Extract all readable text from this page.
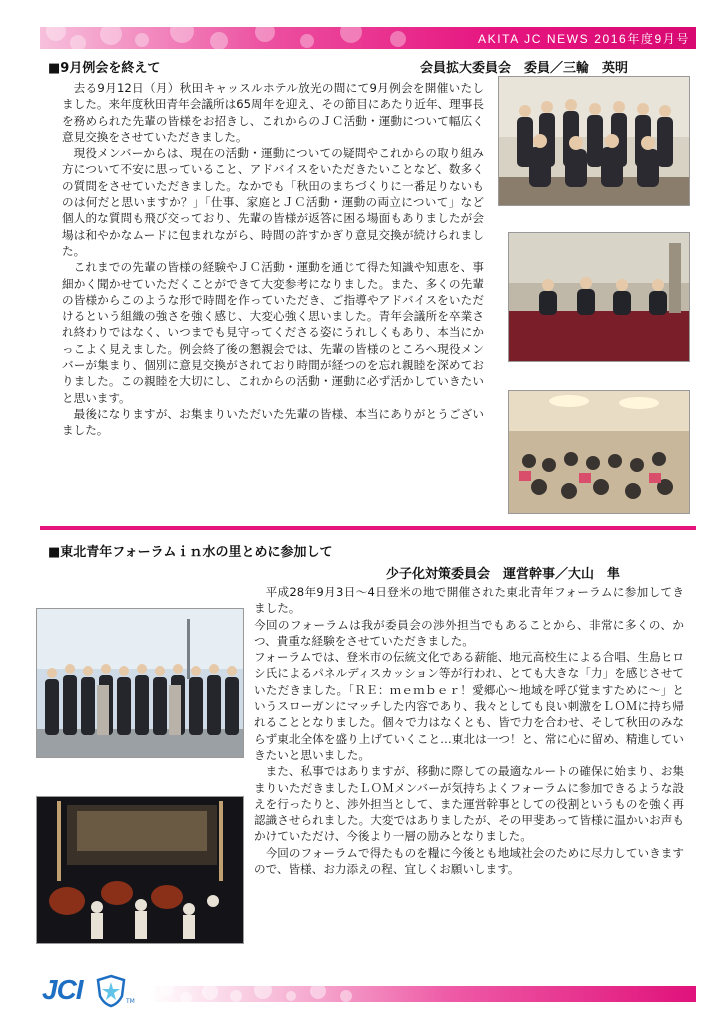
AKITA JC NEWS 2016年度9月号
■9月例会を終えて	会員拡大委員会　委員／三輪　英明

去る9月12日（月）秋田キャッスルホテル放光の間にて9月例会を開催いたしました。来年度秋田青年会議所は65周年を迎え、その節目にあたり近年、理事長を務められた先輩の皆様をお招きし、これからのＪＣ活動・運動について幅広く意見交換をさせていただきました。

現役メンバーからは、現在の活動・運動についての疑問やこれからの取り組み方について不安に思っていること、アドバイスをいただきたいことなど、数多くの質問をさせていただきました。なかでも「秋田のまちづくりに一番足りないものは何だと思いますか？」「仕事、家庭とＪＣ活動・運動の両立について」など個人的な質問も飛び交っており、先輩の皆様が返答に困る場面もありましたが会場は和やかなムードに包まれながら、時間の許すかぎり意見交換が続けられました。

これまでの先輩の皆様の経験やＪＣ活動・運動を通じて得た知識や知恵を、事細かく聞かせていただくことができて大変参考になりました。また、多くの先輩の皆様からこのような形で時間を作っていただき、ご指導やアドバイスをいただけるという組織の強さを強く感じ、大変心強く思いました。青年会議所を卒業され終わりではなく、いつまでも見守ってくださる姿にうれしくもあり、本当にかっこよく見えました。例会終了後の懇親会では、先輩の皆様のところへ現役メンバーが集まり、個別に意見交換がされており時間が経つのを忘れ親睦を深めておりました。この親睦を大切にし、これからの活動・運動に必ず活かしていきたいと思います。

最後になりますが、お集まりいただいた先輩の皆様、本当にありがとうございました。

■東北青年フォーラムｉｎ水の里とめに参加して
少子化対策委員会　運営幹事／大山　隼

平成28年9月3日～4日登米の地で開催された東北青年フォーラムに参加してきました。

今回のフォーラムは我が委員会の渉外担当でもあることから、非常に多くの、かつ、貴重な経験をさせていただきました。

フォーラムでは、登米市の伝統文化である薪能、地元高校生による合唱、生島ヒロシ氏によるパネルディスカッション等が行われ、とても大きな「力」を感じさせていただきました。「ＲＥ：ｍｅｍｂｅｒ！愛郷心～地域を呼び覚ますために～」というスローガンにマッチした内容であり、我々としても良い刺激をＬＯＭに持ち帰れることとなりました。個々で力はなくとも、皆で力を合わせ、そして秋田のみならず東北全体を盛り上げていくこと…東北は一つ！と、常に心に留め、精進していきたいと思いました。

また、私事ではありますが、移動に際しての最適なルートの確保に始まり、お集まりいただきましたＬＯＭメンバーが気持ちよくフォーラムに参加できるような設えを行ったりと、渉外担当として、また運営幹事としての役割というものを強く再認識させられました。大変ではありましたが、その甲斐あって皆様に温かいお声もかけていただけ、今後より一層の励みとなりました。

今回のフォーラムで得たものを糧に今後とも地域社会のために尽力していきますので、皆様、お力添えの程、宜しくお願いします。

JCI	TM
